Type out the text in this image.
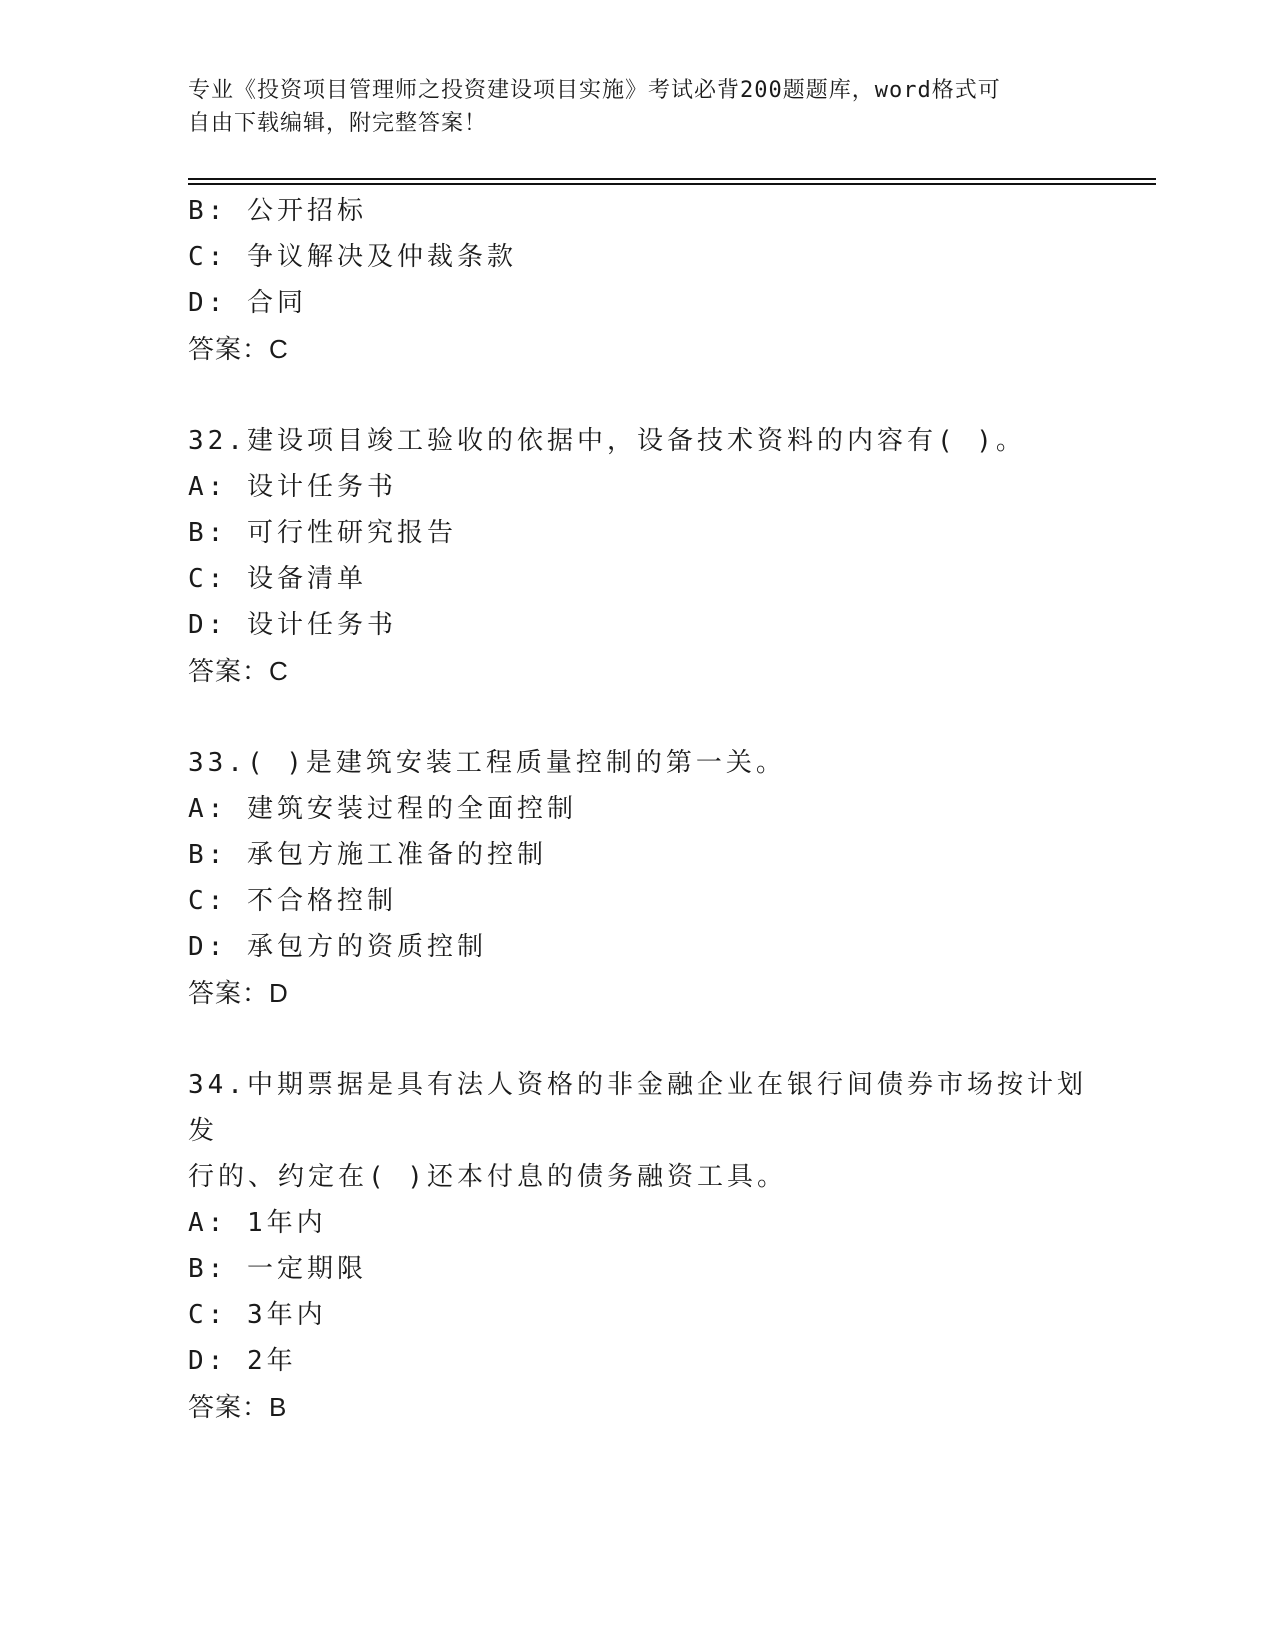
专业《投资项目管理师之投资建设项目实施》考试必背200题题库，word格式可
自由下载编辑，附完整答案！
B: 公开招标
C: 争议解决及仲裁条款
D: 合同
答案：C
32.建设项目竣工验收的依据中，设备技术资料的内容有( )。
A: 设计任务书
B: 可行性研究报告
C: 设备清单
D: 设计任务书
答案：C
33.( )是建筑安装工程质量控制的第一关。
A: 建筑安装过程的全面控制
B: 承包方施工准备的控制
C: 不合格控制
D: 承包方的资质控制
答案：D
34.中期票据是具有法人资格的非金融企业在银行间债券市场按计划发
行的、约定在( )还本付息的债务融资工具。
A: 1年内
B: 一定期限
C: 3年内
D: 2年
答案：B
